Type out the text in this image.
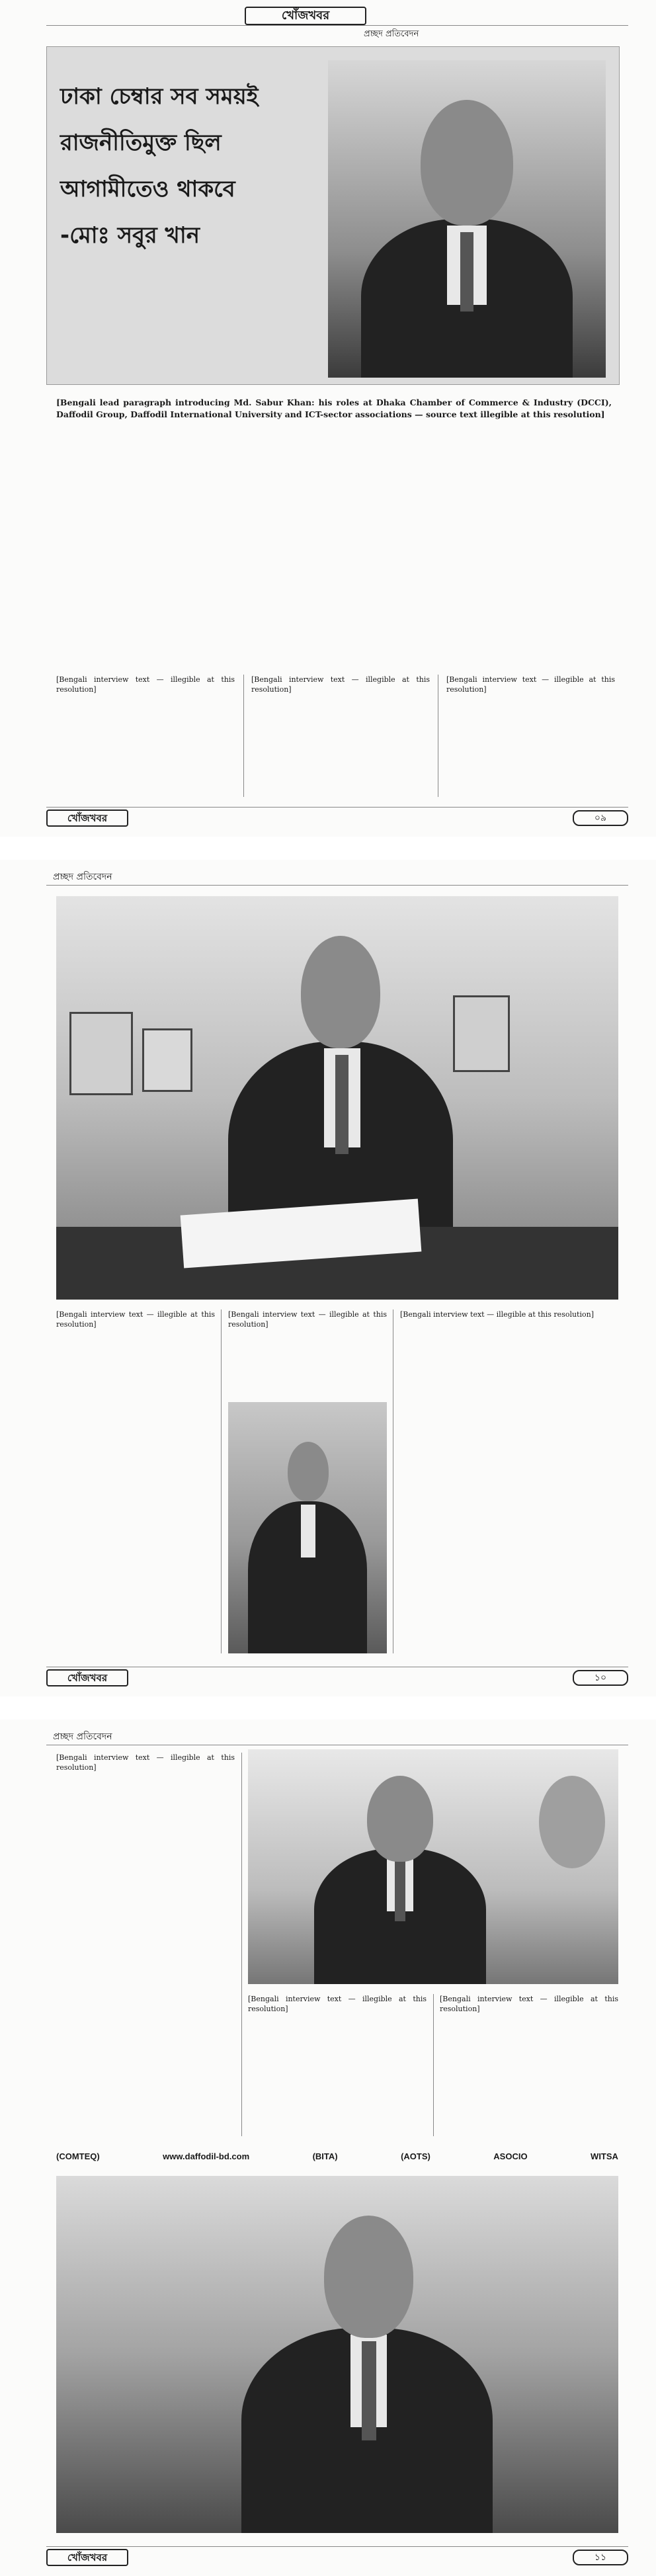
খোঁজখবর
প্রচ্ছদ প্রতিবেদন
ঢাকা চেম্বার সব সময়ই
রাজনীতিমুক্ত ছিল
আগামীতেও থাকবে
-মোঃ সবুর খান
[Bengali lead paragraph introducing Md. Sabur Khan: his roles at Dhaka Chamber of Commerce & Industry (DCCI), Daffodil Group, Daffodil International University and ICT-sector associations — source text illegible at this resolution]
[Bengali interview text — illegible at this resolution]
[Bengali interview text — illegible at this resolution]
[Bengali interview text — illegible at this resolution]
খোঁজখবর	০৯
প্রচ্ছদ প্রতিবেদন
[Bengali interview text — illegible at this resolution]
[Bengali interview text — illegible at this resolution]
[Bengali interview text — illegible at this resolution]
খোঁজখবর	১০
প্রচ্ছদ প্রতিবেদন
[Bengali interview text — illegible at this resolution]
[Bengali interview text — illegible at this resolution]
[Bengali interview text — illegible at this resolution]
(COMTEQ)	www.daffodil-bd.com	(BITA)	(AOTS)	ASOCIO	WITSA
খোঁজখবর	১১
